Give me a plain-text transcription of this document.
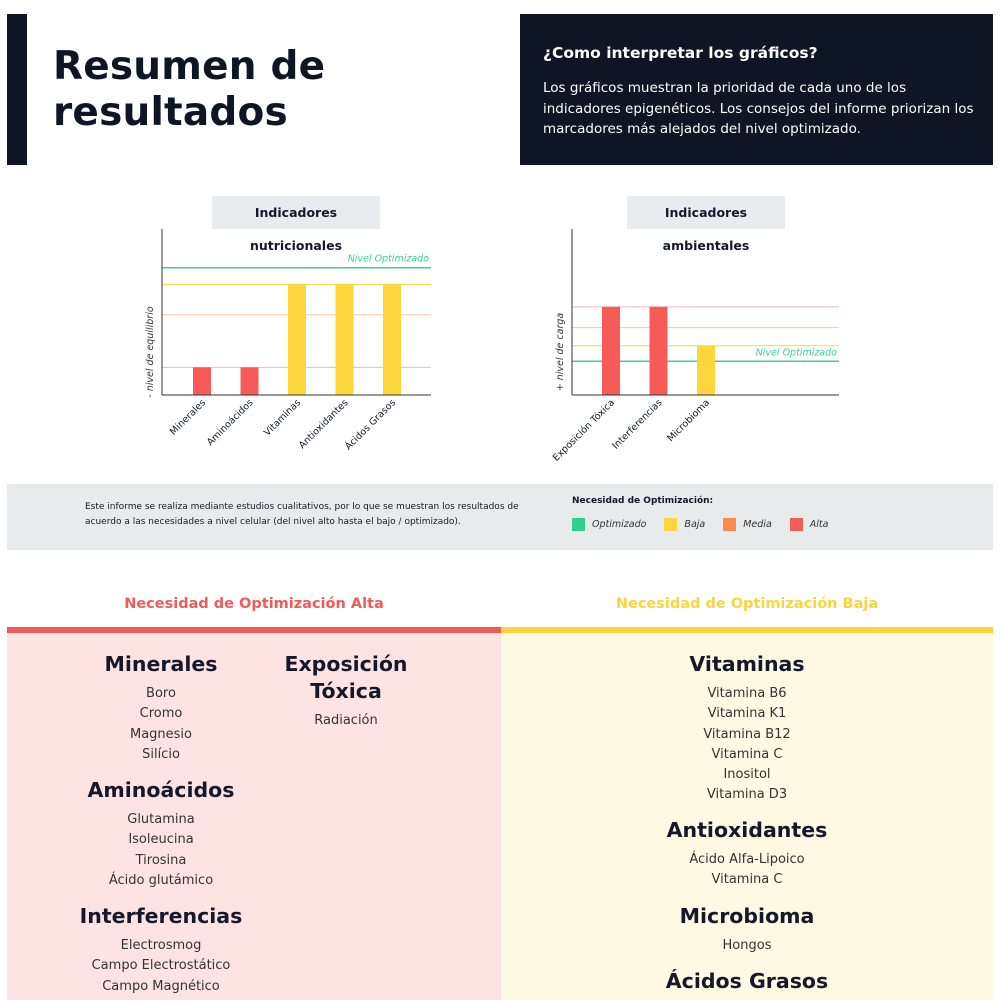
Resumen de
resultados
¿Como interpretar los gráficos?

Los gráficos muestran la prioridad de cada uno de los indicadores epigenéticos. Los consejos del informe priorizan los marcadores más alejados del nivel optimizado.

Indicadores nutricionales
Indicadores ambientales
Nivel Optimizado
Minerales
Aminoácidos Vitaminas
Antioxidantes
Ácidos Grasos
- nivel de equilibrio	Nivel Optimizado
Exposición Tóxica
Interferencias Microbioma
+ nivel de carga
Este informe se realiza mediante estudios cualitativos, por lo que se muestran los resultados de acuerdo a las necesidades a nivel celular (del nivel alto hasta el bajo / optimizado).
Necesidad de Optimización:
Optimizado	Baja	Media	Alta
Necesidad de Optimización Alta	Necesidad de Optimización Baja
Minerales
Boro
Cromo
Magnesio
Silício
Aminoácidos
Glutamina
Isoleucina
Tirosina
Ácido glutámico
Interferencias
Electrosmog
Campo Electrostático
Campo Magnético
Exposición
Tóxica
Radiación
Vitaminas
Vitamina B6
Vitamina K1
Vitamina B12
Vitamina C
Inositol
Vitamina D3
Antioxidantes
Ácido Alfa-Lipoico
Vitamina C
Microbioma
Hongos
Ácidos Grasos
